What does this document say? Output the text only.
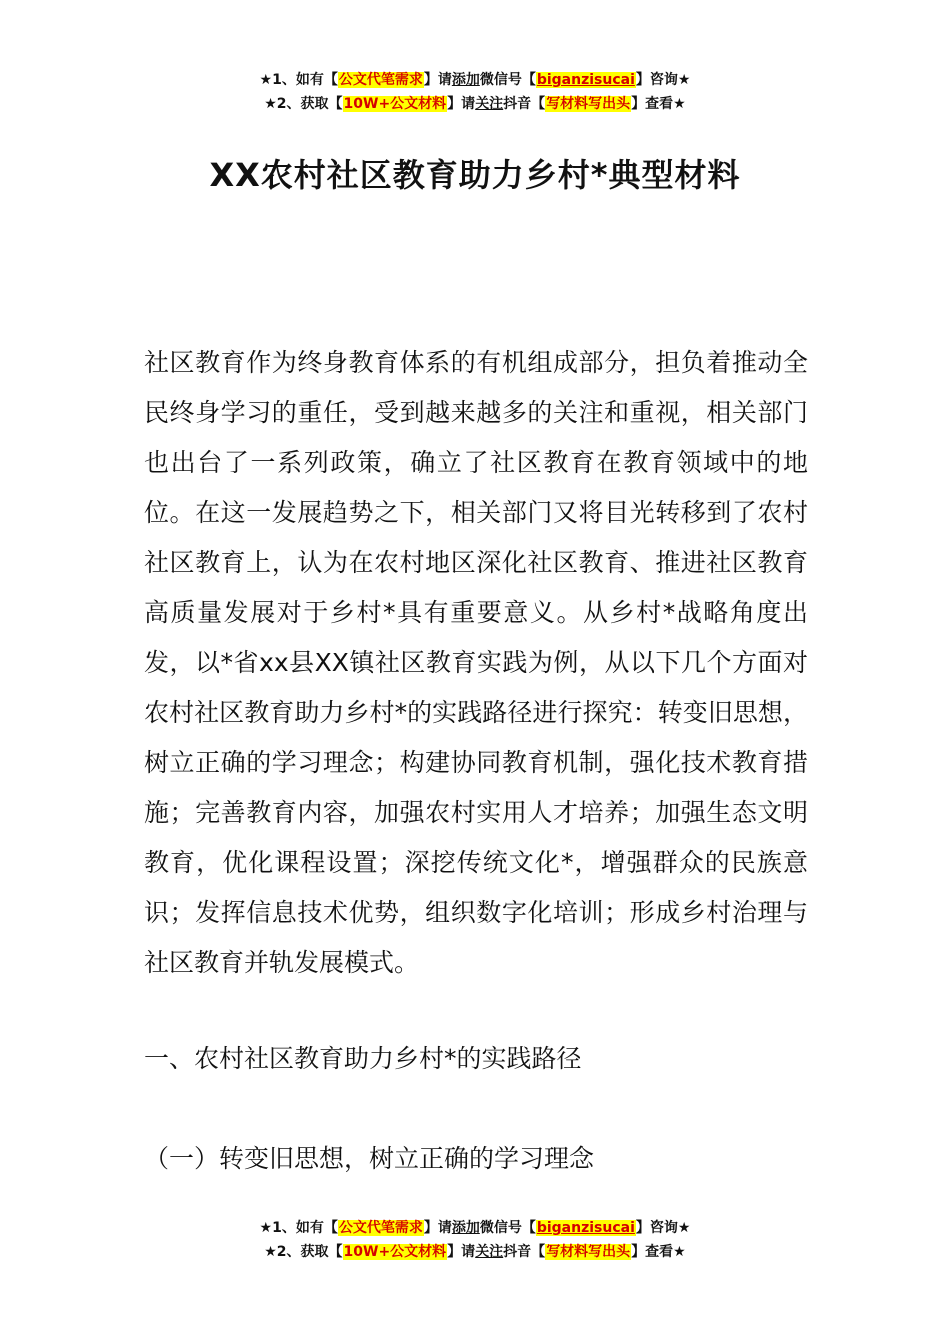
★1、如有【公文代笔需求】请添加微信号【biganzisucai】咨询★
★2、获取【10W+公文材料】请关注抖音【写材料写出头】查看★
XX农村社区教育助力乡村*典型材料

社区教育作为终身教育体系的有机组成部分，担负着推动全民终身学习的重任，受到越来越多的关注和重视，相关部门也出台了一系列政策，确立了社区教育在教育领域中的地位。在这一发展趋势之下，相关部门又将目光转移到了农村社区教育上，认为在农村地区深化社区教育、推进社区教育高质量发展对于乡村*具有重要意义。从乡村*战略角度出发，以*省xx县XX镇社区教育实践为例，从以下几个方面对农村社区教育助力乡村*的实践路径进行探究：转变旧思想，树立正确的学习理念；构建协同教育机制，强化技术教育措施；完善教育内容，加强农村实用人才培养；加强生态文明教育，优化课程设置；深挖传统文化*，增强群众的民族意识；发挥信息技术优势，组织数字化培训；形成乡村治理与社区教育并轨发展模式。

一、农村社区教育助力乡村*的实践路径

（一）转变旧思想，树立正确的学习理念

★1、如有【公文代笔需求】请添加微信号【biganzisucai】咨询★
★2、获取【10W+公文材料】请关注抖音【写材料写出头】查看★
